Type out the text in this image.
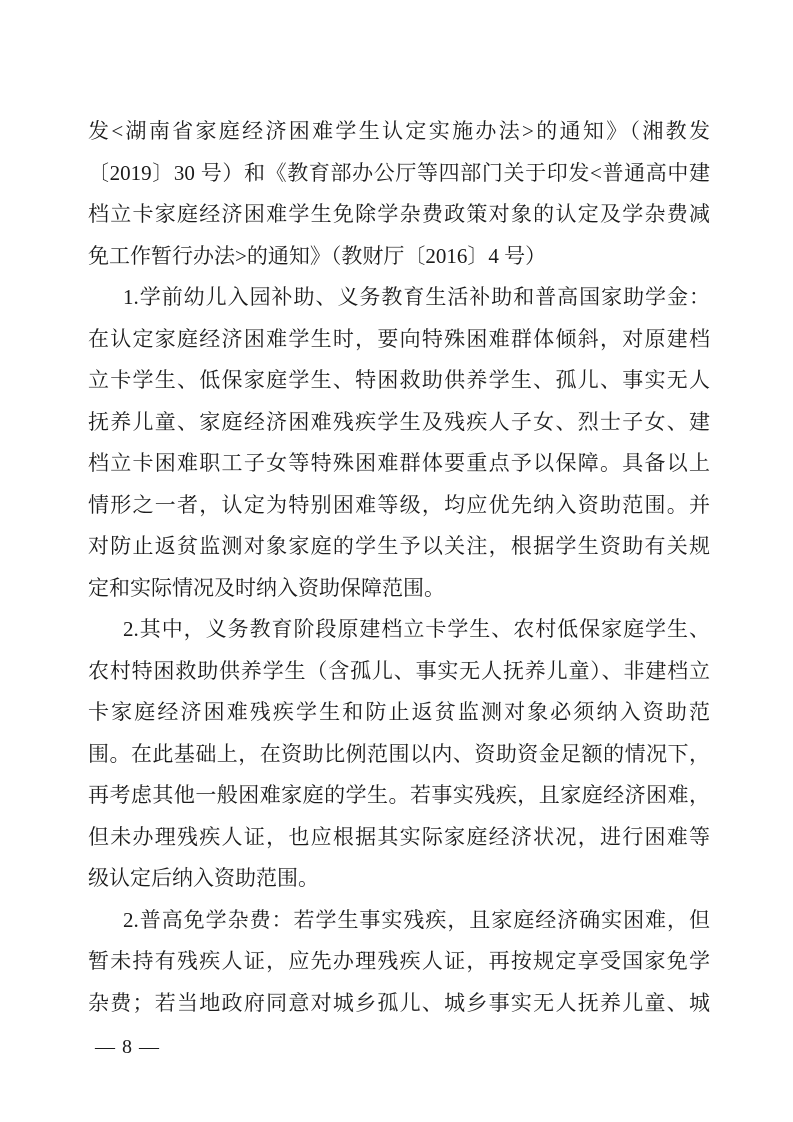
发<湖南省家庭经济困难学生认定实施办法>的通知》（湘教发
〔2019〕30 号）和《教育部办公厅等四部门关于印发<普通高中建
档立卡家庭经济困难学生免除学杂费政策对象的认定及学杂费减
免工作暂行办法>的通知》（教财厅〔2016〕4 号）
1.学前幼儿入园补助、义务教育生活补助和普高国家助学金：
在认定家庭经济困难学生时，要向特殊困难群体倾斜，对原建档
立卡学生、低保家庭学生、特困救助供养学生、孤儿、事实无人
抚养儿童、家庭经济困难残疾学生及残疾人子女、烈士子女、建
档立卡困难职工子女等特殊困难群体要重点予以保障。具备以上
情形之一者，认定为特别困难等级，均应优先纳入资助范围。并
对防止返贫监测对象家庭的学生予以关注，根据学生资助有关规
定和实际情况及时纳入资助保障范围。
2.其中，义务教育阶段原建档立卡学生、农村低保家庭学生、
农村特困救助供养学生（含孤儿、事实无人抚养儿童）、非建档立
卡家庭经济困难残疾学生和防止返贫监测对象必须纳入资助范
围。在此基础上，在资助比例范围以内、资助资金足额的情况下，
再考虑其他一般困难家庭的学生。若事实残疾，且家庭经济困难，
但未办理残疾人证，也应根据其实际家庭经济状况，进行困难等
级认定后纳入资助范围。
2.普高免学杂费：若学生事实残疾，且家庭经济确实困难，但
暂未持有残疾人证，应先办理残疾人证，再按规定享受国家免学
杂费；若当地政府同意对城乡孤儿、城乡事实无人抚养儿童、城
— 8 —
